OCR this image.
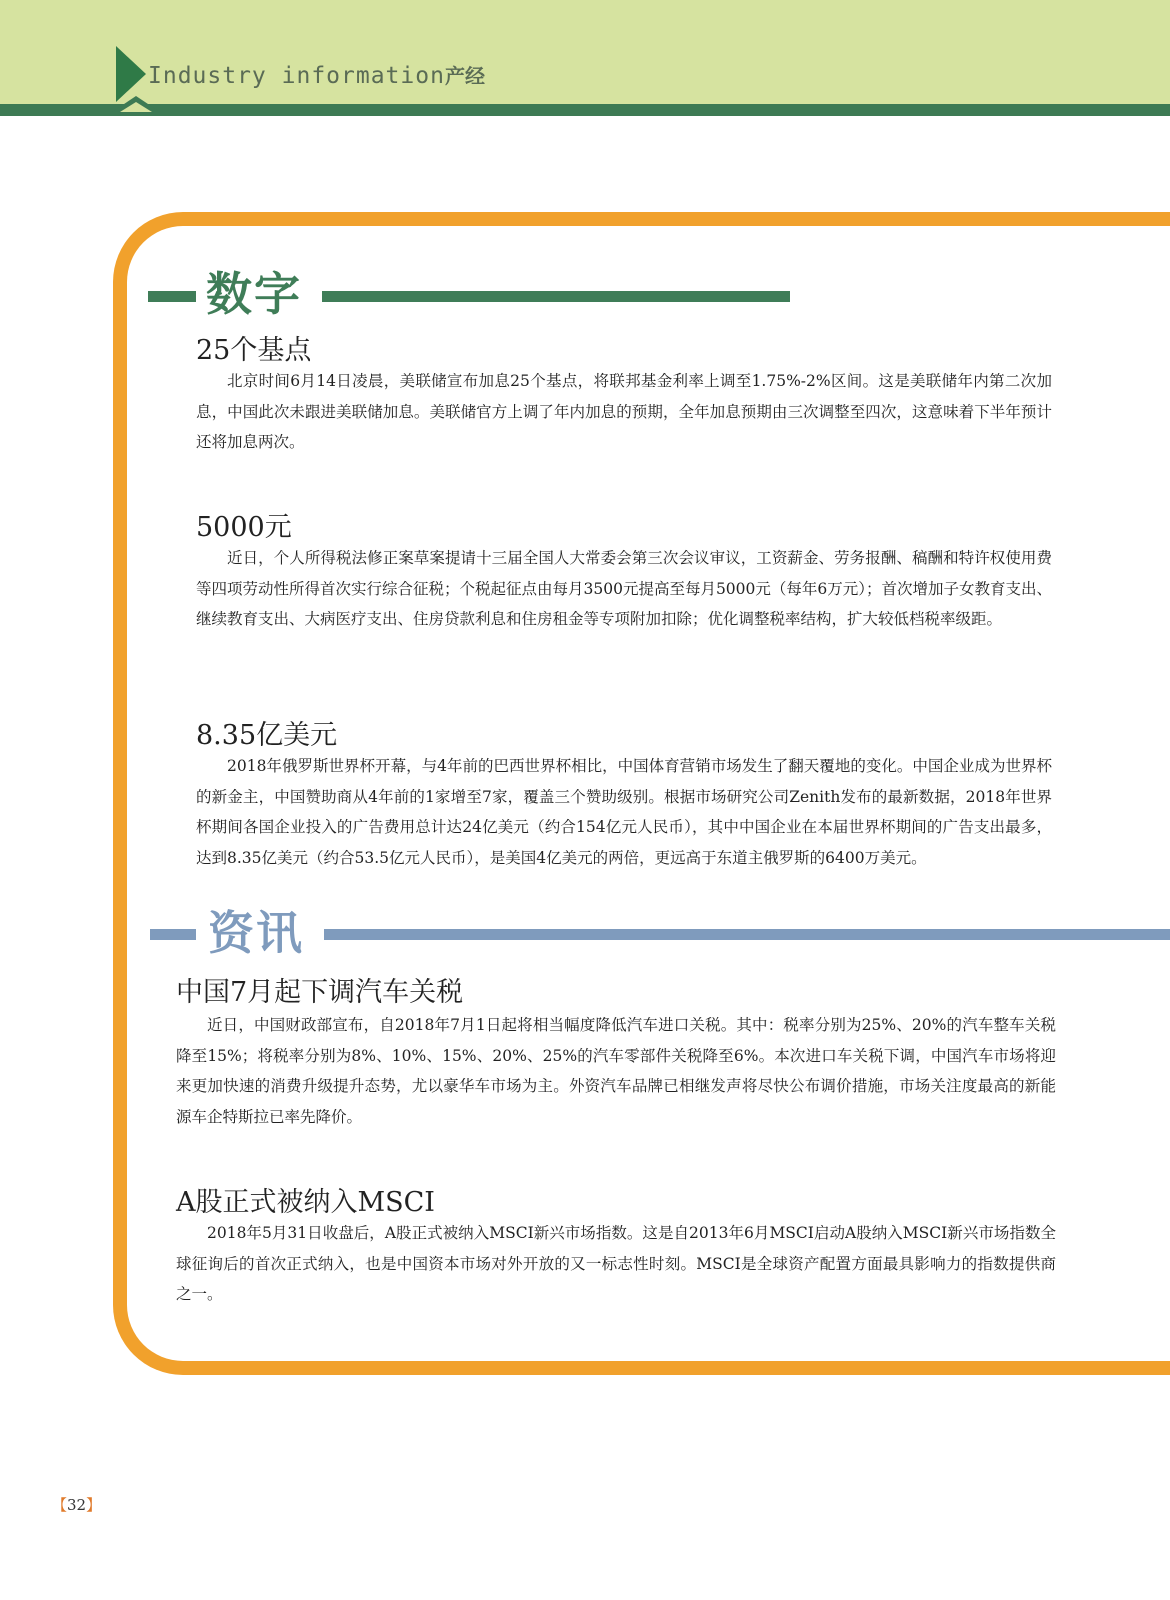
Industry information产经
数字
25个基点
北京时间6月14日凌晨，美联储宣布加息25个基点，将联邦基金利率上调至1.75%-2%区间。这是美联储年内第二次加息，中国此次未跟进美联储加息。美联储官方上调了年内加息的预期，全年加息预期由三次调整至四次，这意味着下半年预计还将加息两次。
5000元
近日，个人所得税法修正案草案提请十三届全国人大常委会第三次会议审议，工资薪金、劳务报酬、稿酬和特许权使用费等四项劳动性所得首次实行综合征税；个税起征点由每月3500元提高至每月5000元（每年6万元）；首次增加子女教育支出、继续教育支出、大病医疗支出、住房贷款利息和住房租金等专项附加扣除；优化调整税率结构，扩大较低档税率级距。
8.35亿美元
2018年俄罗斯世界杯开幕，与4年前的巴西世界杯相比，中国体育营销市场发生了翻天覆地的变化。中国企业成为世界杯的新金主，中国赞助商从4年前的1家增至7家，覆盖三个赞助级别。根据市场研究公司Zenith发布的最新数据，2018年世界杯期间各国企业投入的广告费用总计达24亿美元（约合154亿元人民币），其中中国企业在本届世界杯期间的广告支出最多，达到8.35亿美元（约合53.5亿元人民币），是美国4亿美元的两倍，更远高于东道主俄罗斯的6400万美元。
资讯
中国7月起下调汽车关税
近日，中国财政部宣布，自2018年7月1日起将相当幅度降低汽车进口关税。其中：税率分别为25%、20%的汽车整车关税降至15%；将税率分别为8%、10%、15%、20%、25%的汽车零部件关税降至6%。本次进口车关税下调，中国汽车市场将迎来更加快速的消费升级提升态势，尤以豪华车市场为主。外资汽车品牌已相继发声将尽快公布调价措施，市场关注度最高的新能源车企特斯拉已率先降价。
A股正式被纳入MSCI
2018年5月31日收盘后，A股正式被纳入MSCI新兴市场指数。这是自2013年6月MSCI启动A股纳入MSCI新兴市场指数全球征询后的首次正式纳入，也是中国资本市场对外开放的又一标志性时刻。MSCI是全球资产配置方面最具影响力的指数提供商之一。
【32】
